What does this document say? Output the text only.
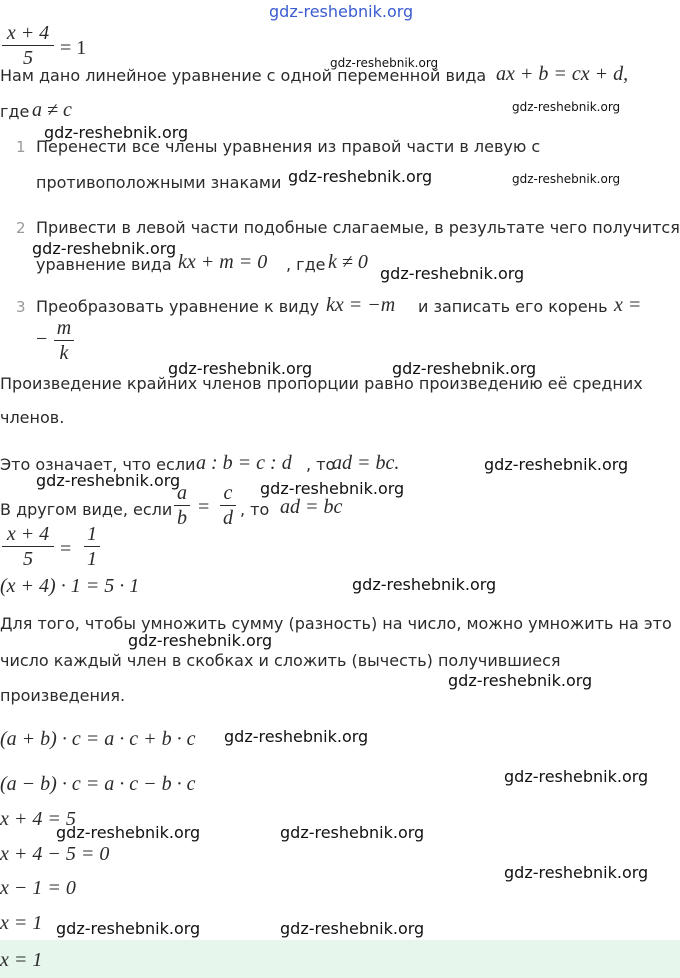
gdz-reshebnik.org
x + 4
5	= 1
gdz-reshebnik.org
Нам дано линейное уравнение с одной переменной вида ax + b = cx + d,
где a ≠ c	gdz-reshebnik.org
gdz-reshebnik.org
1 Перенести все члены уравнения из правой части в левую с
противоположными знаками gdz-reshebnik.org	gdz-reshebnik.org
2 Привести в левой части подобные слагаемые, в результате чего получится
gdz-reshebnik.org
уравнение вида kx + m = 0 , где k ≠ 0
gdz-reshebnik.org
3 Преобразовать уравнение к виду kx = −m и записать его корень x =
− m
k
gdz-reshebnik.org	gdz-reshebnik.org
Произведение крайних членов пропорции равно произведению её средних
членов.
Это означает, что если a : b = c : d , то
ad = bc.	gdz-reshebnik.org
gdz-reshebnik.org	gdz-reshebnik.org
В другом виде, если
a
b =
c
d , то ad = bc
x + 4
5	=
1
1
(x + 4) · 1 = 5 · 1	gdz-reshebnik.org
Для того, чтобы умножить сумму (разность) на число, можно умножить на это
gdz-reshebnik.org
число каждый член в скобках и сложить (вычесть) получившиеся
gdz-reshebnik.org
произведения.
(a + b) · c = a · c + b · c gdz-reshebnik.org
gdz-reshebnik.org
(a − b) · c = a · c − b · c
x + 4 = 5
gdz-reshebnik.org	gdz-reshebnik.org
x + 4 − 5 = 0
gdz-reshebnik.org
x − 1 = 0
x = 1 gdz-reshebnik.org	gdz-reshebnik.org
x = 1
